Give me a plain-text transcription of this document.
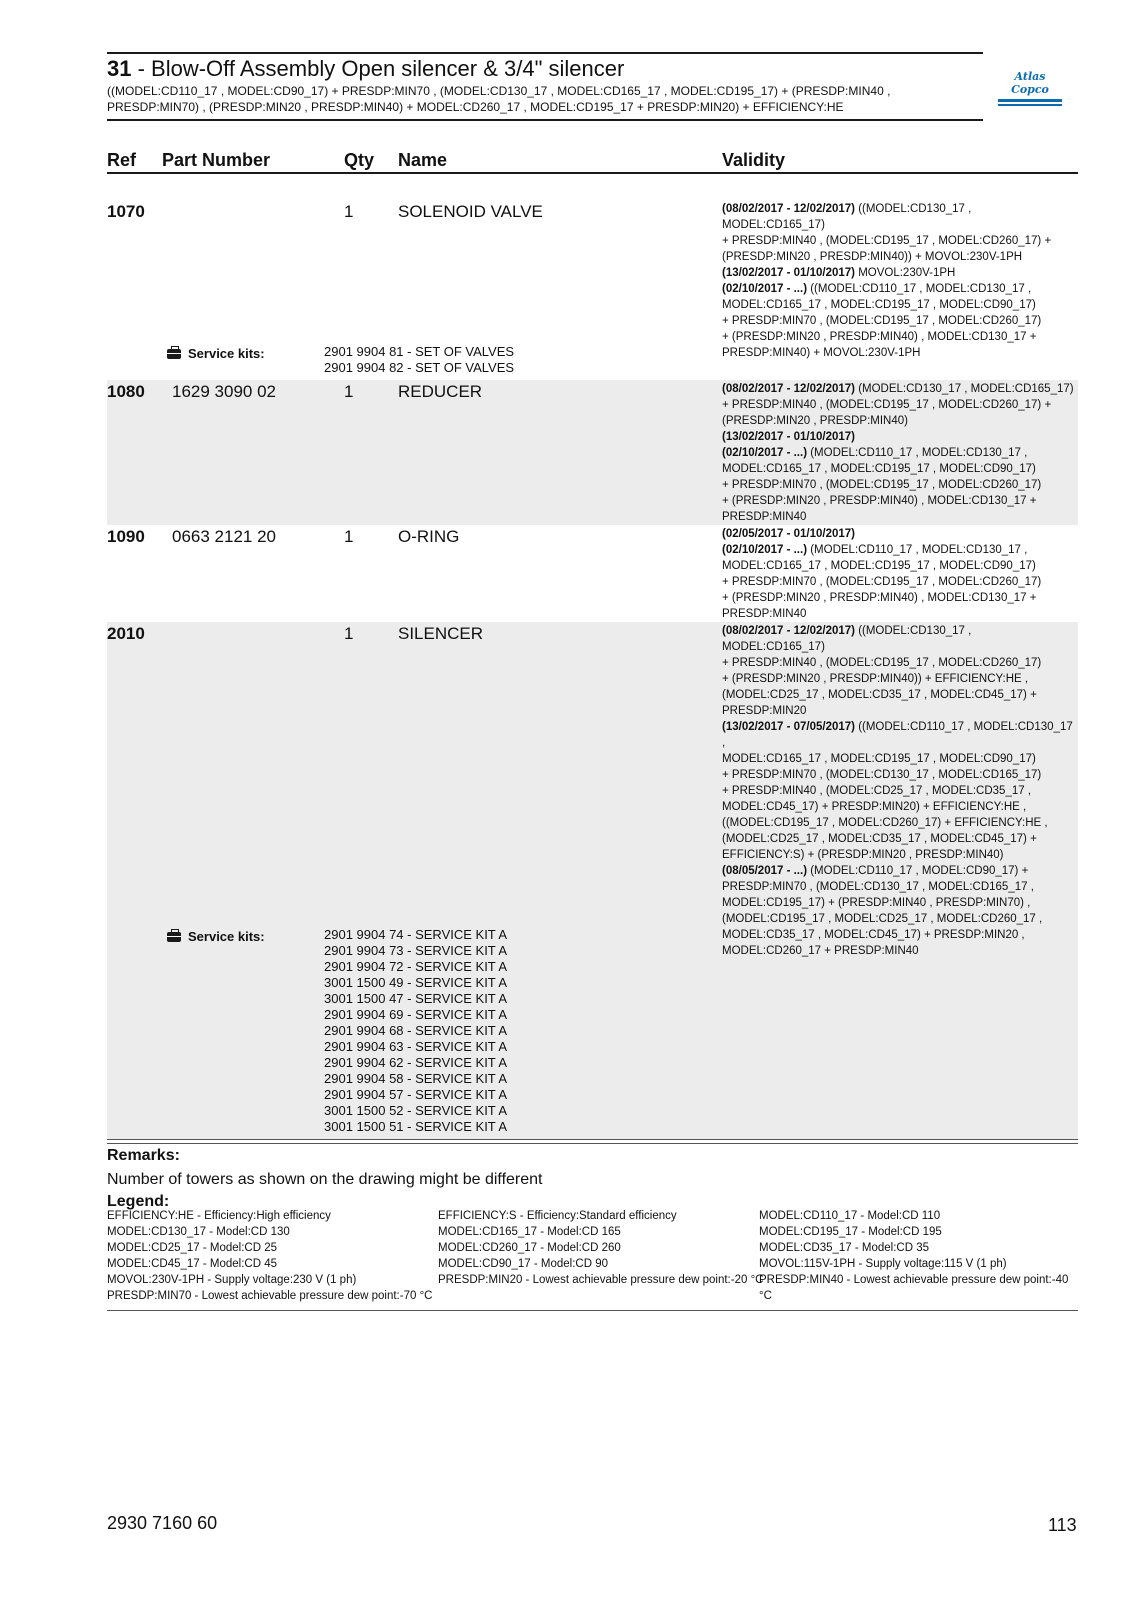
31 - Blow-Off Assembly Open silencer & 3/4" silencer
((MODEL:CD110_17 , MODEL:CD90_17) + PRESDP:MIN70 , (MODEL:CD130_17 , MODEL:CD165_17 , MODEL:CD195_17) + (PRESDP:MIN40 ,
PRESDP:MIN70) , (PRESDP:MIN20 , PRESDP:MIN40) + MODEL:CD260_17 , MODEL:CD195_17 + PRESDP:MIN20) + EFFICIENCY:HE
Atlas Copco
Ref Part Number	Qty Name	Validity
1070	1	SOLENOID VALVE	(08/02/2017 - 12/02/2017) ((MODEL:CD130_17 , MODEL:CD165_17)
+ PRESDP:MIN40 , (MODEL:CD195_17 , MODEL:CD260_17) +
(PRESDP:MIN20 , PRESDP:MIN40)) + MOVOL:230V-1PH
(13/02/2017 - 01/10/2017) MOVOL:230V-1PH
(02/10/2017 - ...) ((MODEL:CD110_17 , MODEL:CD130_17 ,
MODEL:CD165_17 , MODEL:CD195_17 , MODEL:CD90_17)
+ PRESDP:MIN70 , (MODEL:CD195_17 , MODEL:CD260_17)
+ (PRESDP:MIN20 , PRESDP:MIN40) , MODEL:CD130_17 +
PRESDP:MIN40) + MOVOL:230V-1PH
Service kits:	2901 9904 81 - SET OF VALVES
2901 9904 82 - SET OF VALVES
1080 1629 3090 02	1	REDUCER	(08/02/2017 - 12/02/2017) (MODEL:CD130_17 , MODEL:CD165_17)
+ PRESDP:MIN40 , (MODEL:CD195_17 , MODEL:CD260_17) +
(PRESDP:MIN20 , PRESDP:MIN40)
(13/02/2017 - 01/10/2017)
(02/10/2017 - ...) (MODEL:CD110_17 , MODEL:CD130_17 ,
MODEL:CD165_17 , MODEL:CD195_17 , MODEL:CD90_17)
+ PRESDP:MIN70 , (MODEL:CD195_17 , MODEL:CD260_17)
+ (PRESDP:MIN20 , PRESDP:MIN40) , MODEL:CD130_17 +
PRESDP:MIN40
1090 0663 2121 20	1	O-RING	(02/05/2017 - 01/10/2017)
(02/10/2017 - ...) (MODEL:CD110_17 , MODEL:CD130_17 ,
MODEL:CD165_17 , MODEL:CD195_17 , MODEL:CD90_17)
+ PRESDP:MIN70 , (MODEL:CD195_17 , MODEL:CD260_17)
+ (PRESDP:MIN20 , PRESDP:MIN40) , MODEL:CD130_17 +
PRESDP:MIN40
2010	1	SILENCER	(08/02/2017 - 12/02/2017) ((MODEL:CD130_17 , MODEL:CD165_17)
+ PRESDP:MIN40 , (MODEL:CD195_17 , MODEL:CD260_17)
+ (PRESDP:MIN20 , PRESDP:MIN40)) + EFFICIENCY:HE ,
(MODEL:CD25_17 , MODEL:CD35_17 , MODEL:CD45_17) +
PRESDP:MIN20
(13/02/2017 - 07/05/2017) ((MODEL:CD110_17 , MODEL:CD130_17 ,
MODEL:CD165_17 , MODEL:CD195_17 , MODEL:CD90_17)
+ PRESDP:MIN70 , (MODEL:CD130_17 , MODEL:CD165_17)
+ PRESDP:MIN40 , (MODEL:CD25_17 , MODEL:CD35_17 ,
MODEL:CD45_17) + PRESDP:MIN20) + EFFICIENCY:HE ,
((MODEL:CD195_17 , MODEL:CD260_17) + EFFICIENCY:HE ,
(MODEL:CD25_17 , MODEL:CD35_17 , MODEL:CD45_17) +
EFFICIENCY:S) + (PRESDP:MIN20 , PRESDP:MIN40)
(08/05/2017 - ...) (MODEL:CD110_17 , MODEL:CD90_17) +
PRESDP:MIN70 , (MODEL:CD130_17 , MODEL:CD165_17 ,
MODEL:CD195_17) + (PRESDP:MIN40 , PRESDP:MIN70) ,
(MODEL:CD195_17 , MODEL:CD25_17 , MODEL:CD260_17 ,
MODEL:CD35_17 , MODEL:CD45_17) + PRESDP:MIN20 ,
MODEL:CD260_17 + PRESDP:MIN40
Service kits:	2901 9904 74 - SERVICE KIT A
2901 9904 73 - SERVICE KIT A
2901 9904 72 - SERVICE KIT A
3001 1500 49 - SERVICE KIT A
3001 1500 47 - SERVICE KIT A
2901 9904 69 - SERVICE KIT A
2901 9904 68 - SERVICE KIT A
2901 9904 63 - SERVICE KIT A
2901 9904 62 - SERVICE KIT A
2901 9904 58 - SERVICE KIT A
2901 9904 57 - SERVICE KIT A
3001 1500 52 - SERVICE KIT A
3001 1500 51 - SERVICE KIT A
Remarks:
Number of towers as shown on the drawing might be different
Legend:
EFFICIENCY:HE - Efficiency:High efficiency
MODEL:CD130_17 - Model:CD 130
MODEL:CD25_17 - Model:CD 25
MODEL:CD45_17 - Model:CD 45
MOVOL:230V-1PH - Supply voltage:230 V (1 ph)
PRESDP:MIN70 - Lowest achievable pressure dew point:-70 °C
EFFICIENCY:S - Efficiency:Standard efficiency
MODEL:CD165_17 - Model:CD 165
MODEL:CD260_17 - Model:CD 260
MODEL:CD90_17 - Model:CD 90
PRESDP:MIN20 - Lowest achievable pressure dew point:-20 °C
MODEL:CD110_17 - Model:CD 110
MODEL:CD195_17 - Model:CD 195
MODEL:CD35_17 - Model:CD 35
MOVOL:115V-1PH - Supply voltage:115 V (1 ph)
PRESDP:MIN40 - Lowest achievable pressure dew point:-40 °C
2930 7160 60	113
